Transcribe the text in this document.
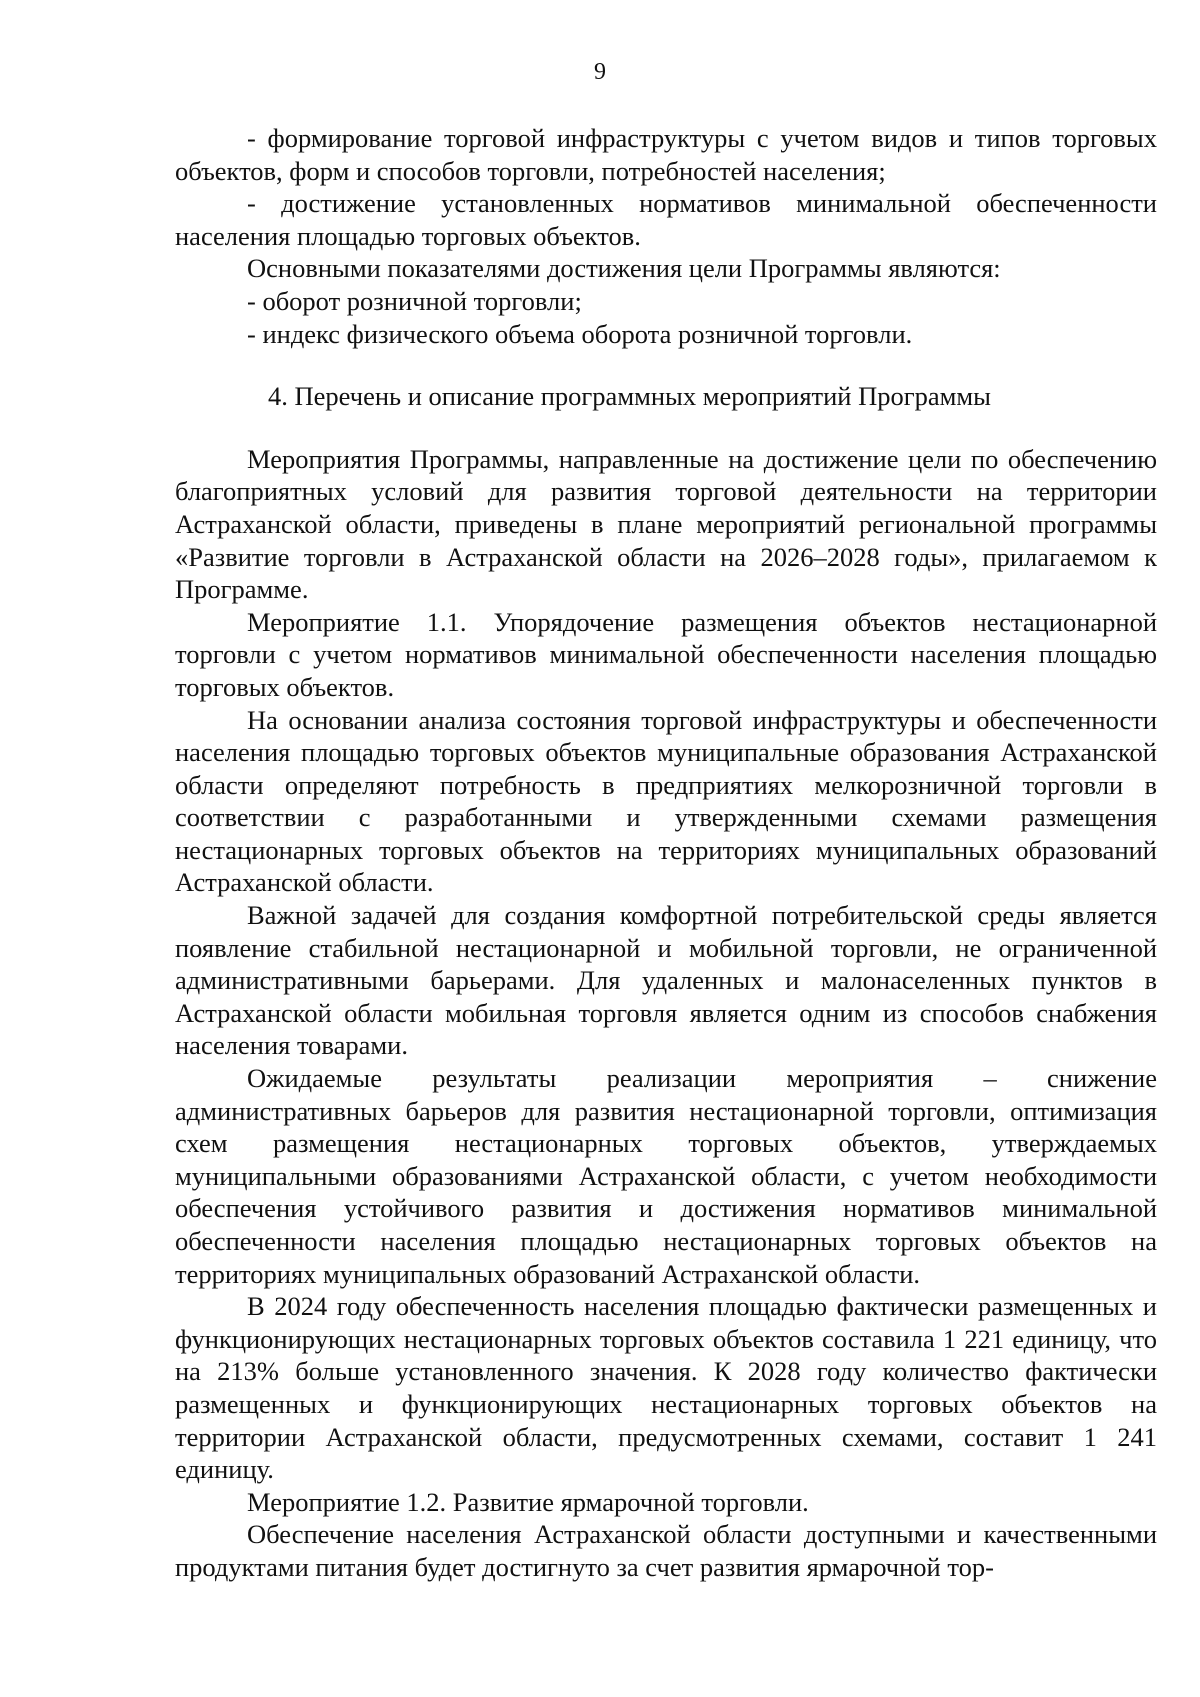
9

- формирование торговой инфраструктуры с учетом видов и типов торговых объектов, форм и способов торговли, потребностей населения;

- достижение установленных нормативов минимальной обеспеченности населения площадью торговых объектов.

Основными показателями достижения цели Программы являются:

- оборот розничной торговли;

- индекс физического объема оборота розничной торговли.

4. Перечень и описание программных мероприятий Программы

Мероприятия Программы, направленные на достижение цели по обеспечению благоприятных условий для развития торговой деятельности на территории Астраханской области, приведены в плане мероприятий региональной программы «Развитие торговли в Астраханской области на 2026–2028 годы», прилагаемом к Программе.

Мероприятие 1.1. Упорядочение размещения объектов нестационарной торговли с учетом нормативов минимальной обеспеченности населения площадью торговых объектов.

На основании анализа состояния торговой инфраструктуры и обеспеченности населения площадью торговых объектов муниципальные образования Астраханской области определяют потребность в предприятиях мелкорозничной торговли в соответствии с разработанными и утвержденными схемами размещения нестационарных торговых объектов на территориях муниципальных образований Астраханской области.

Важной задачей для создания комфортной потребительской среды является появление стабильной нестационарной и мобильной торговли, не ограниченной административными барьерами. Для удаленных и малонаселенных пунктов в Астраханской области мобильная торговля является одним из способов снабжения населения товарами.

Ожидаемые результаты реализации мероприятия – снижение административных барьеров для развития нестационарной торговли, оптимизация схем размещения нестационарных торговых объектов, утверждаемых муниципальными образованиями Астраханской области, с учетом необходимости обеспечения устойчивого развития и достижения нормативов минимальной обеспеченности населения площадью нестационарных торговых объектов на территориях муниципальных образований Астраханской области.

В 2024 году обеспеченность населения площадью фактически размещенных и функционирующих нестационарных торговых объектов составила 1 221 единицу, что на 213% больше установленного значения. К 2028 году количество фактически размещенных и функционирующих нестационарных торговых объектов на территории Астраханской области, предусмотренных схемами, составит 1 241 единицу.

Мероприятие 1.2. Развитие ярмарочной торговли.

Обеспечение населения Астраханской области доступными и качественными продуктами питания будет достигнуто за счет развития ярмарочной тор-
